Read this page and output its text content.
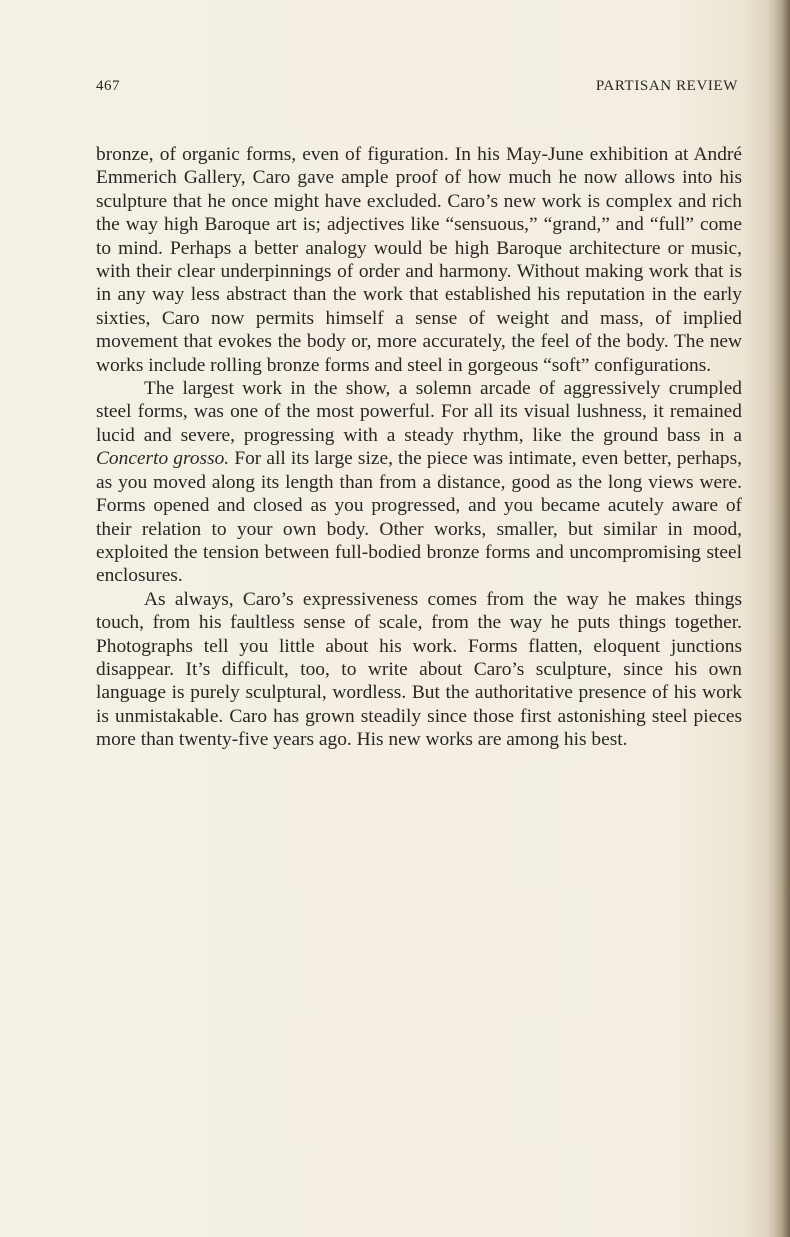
467	PARTISAN REVIEW

bronze, of organic forms, even of figuration. In his May-June exhibition at André Emmerich Gallery, Caro gave ample proof of how much he now allows into his sculpture that he once might have excluded. Caro’s new work is complex and rich the way high Baroque art is; adjectives like “sensuous,” “grand,” and “full” come to mind. Perhaps a better analogy would be high Baroque architecture or music, with their clear underpinnings of order and harmony. Without making work that is in any way less abstract than the work that established his reputation in the early sixties, Caro now permits himself a sense of weight and mass, of implied movement that evokes the body or, more accurately, the feel of the body. The new works include rolling bronze forms and steel in gorgeous “soft” configurations.

The largest work in the show, a solemn arcade of aggressively crumpled steel forms, was one of the most powerful. For all its visual lushness, it remained lucid and severe, progressing with a steady rhythm, like the ground bass in a Concerto grosso. For all its large size, the piece was intimate, even better, perhaps, as you moved along its length than from a distance, good as the long views were. Forms opened and closed as you progressed, and you became acutely aware of their relation to your own body. Other works, smaller, but similar in mood, exploited the tension between full-bodied bronze forms and uncompromising steel enclosures.

As always, Caro’s expressiveness comes from the way he makes things touch, from his faultless sense of scale, from the way he puts things together. Photographs tell you little about his work. Forms flatten, eloquent junctions disappear. It’s difficult, too, to write about Caro’s sculpture, since his own language is purely sculptural, wordless. But the authoritative presence of his work is unmistakable. Caro has grown steadily since those first astonishing steel pieces more than twenty-five years ago. His new works are among his best.
